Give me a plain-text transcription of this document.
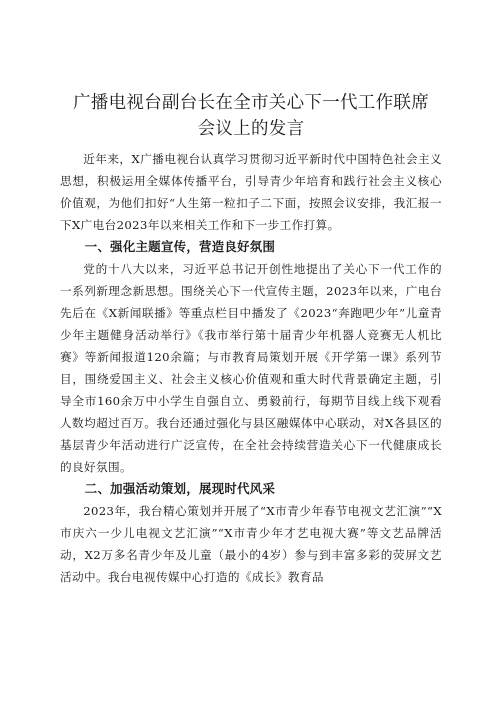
广播电视台副台长在全市关心下一代工作联席
会议上的发言

近年来，X广播电视台认真学习贯彻习近平新时代中国特色社会主义思想，积极运用全媒体传播平台，引导青少年培育和践行社会主义核心价值观，为他们扣好“人生第一粒扣子二下面，按照会议安排，我汇报一下X广电台2023年以来相关工作和下一步工作打算。

一、强化主题宣传，营造良好氛围

党的十八大以来，习近平总书记开创性地提出了关心下一代工作的一系列新理念新思想。围绕关心下一代宣传主题，2023年以来，广电台先后在《X新闻联播》等重点栏目中播发了《2023“奔跑吧少年”儿童青少年主题健身活动举行》《我市举行第十届青少年机器人竞赛无人机比赛》等新闻报道120余篇；与市教育局策划开展《开学第一课》系列节目，围绕爱国主义、社会主义核心价值观和重大时代背景确定主题，引导全市160余万中小学生自强自立、勇毅前行，每期节目线上线下观看人数均超过百万。我台还通过强化与县区融媒体中心联动，对X各县区的基层青少年活动进行广泛宣传，在全社会持续营造关心下一代健康成长的良好氛围。

二、加强活动策划，展现时代风采

2023年，我台精心策划并开展了“X市青少年春节电视文艺汇演”“X市庆六一少儿电视文艺汇演”“X市青少年才艺电视大赛”等文艺品牌活动，X2万多名青少年及儿童（最小的4岁）参与到丰富多彩的荧屏文艺活动中。我台电视传媒中心打造的《成长》教育品
